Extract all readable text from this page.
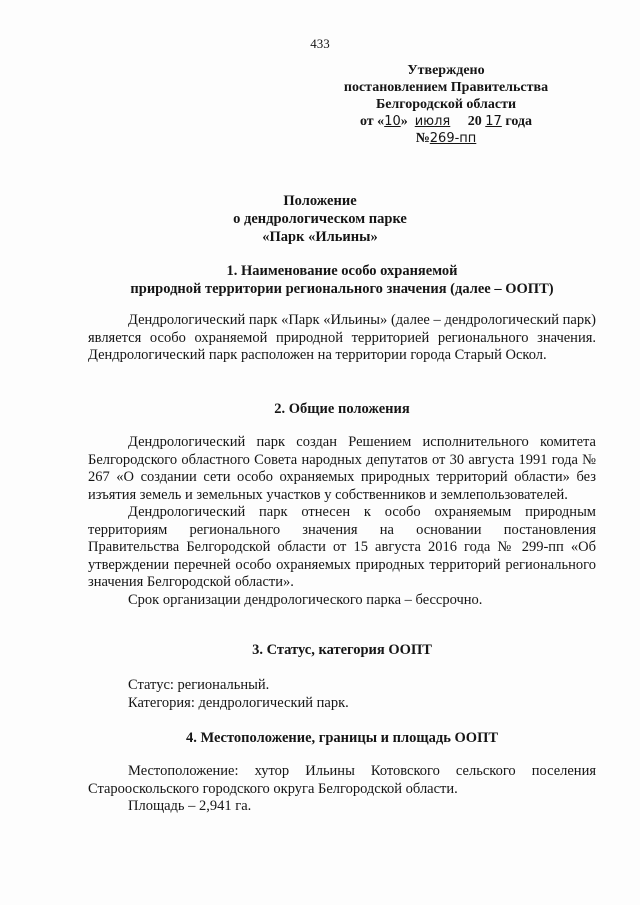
433
Утверждено
постановлением Правительства
Белгородской области
от «10» июля 20 17 года
№269-пп
Положение
о дендрологическом парке
«Парк «Ильины»
1. Наименование особо охраняемой
природной территории регионального значения (далее – ООПТ)
Дендрологический парк «Парк «Ильины» (далее – дендрологический парк) является особо охраняемой природной территорией регионального значения. Дендрологический парк расположен на территории города Старый Оскол.
2. Общие положения
Дендрологический парк создан Решением исполнительного комитета Белгородского областного Совета народных депутатов от 30 августа 1991 года № 267 «О создании сети особо охраняемых природных территорий области» без изъятия земель и земельных участков у собственников и землепользователей.
Дендрологический парк отнесен к особо охраняемым природным территориям регионального значения на основании постановления Правительства Белгородской области от 15 августа 2016 года № 299-пп «Об утверждении перечней особо охраняемых природных территорий регионального значения Белгородской области».
Срок организации дендрологического парка – бессрочно.
3. Статус, категория ООПТ
Статус: региональный.
Категория: дендрологический парк.
4. Местоположение, границы и площадь ООПТ
Местоположение: хутор Ильины Котовского сельского поселения Старооскольского городского округа Белгородской области.
Площадь – 2,941 га.
